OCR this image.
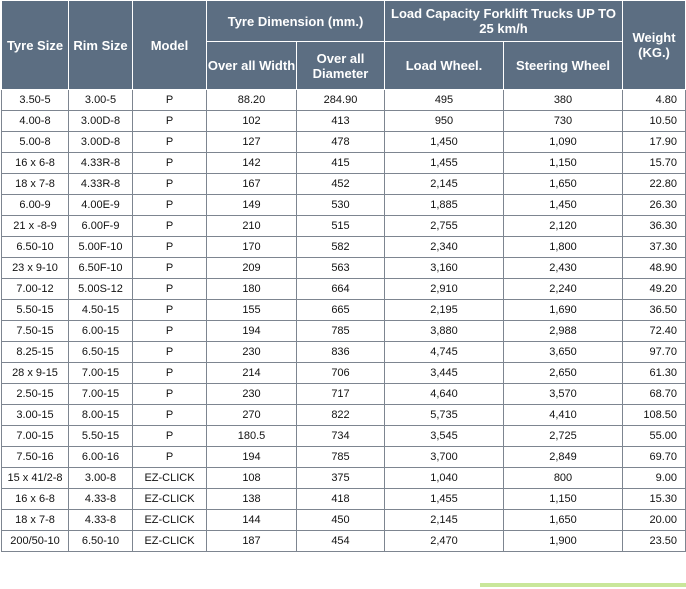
Tyre Size	Rim Size	Model	Tyre Dimension (mm.)		Load Capacity Forklift Trucks UP TO 25 km/h		Weight (KG.)
			Over all Width	Over all Diameter	Load Wheel.	Steering Wheel	
3.50-5	3.00-5	P	88.20	284.90	495	380	4.80
4.00-8	3.00D-8	P	102	413	950	730	10.50
5.00-8	3.00D-8	P	127	478	1,450	1,090	17.90
16 x 6-8	4.33R-8	P	142	415	1,455	1,150	15.70
18 x 7-8	4.33R-8	P	167	452	2,145	1,650	22.80
6.00-9	4.00E-9	P	149	530	1,885	1,450	26.30
21 x -8-9	6.00F-9	P	210	515	2,755	2,120	36.30
6.50-10	5.00F-10	P	170	582	2,340	1,800	37.30
23 x 9-10	6.50F-10	P	209	563	3,160	2,430	48.90
7.00-12	5.00S-12	P	180	664	2,910	2,240	49.20
5.50-15	4.50-15	P	155	665	2,195	1,690	36.50
7.50-15	6.00-15	P	194	785	3,880	2,988	72.40
8.25-15	6.50-15	P	230	836	4,745	3,650	97.70
28 x 9-15	7.00-15	P	214	706	3,445	2,650	61.30
2.50-15	7.00-15	P	230	717	4,640	3,570	68.70
3.00-15	8.00-15	P	270	822	5,735	4,410	108.50
7.00-15	5.50-15	P	180.5	734	3,545	2,725	55.00
7.50-16	6.00-16	P	194	785	3,700	2,849	69.70
15 x 41/2-8	3.00-8	EZ-CLICK	108	375	1,040	800	9.00
16 x 6-8	4.33-8	EZ-CLICK	138	418	1,455	1,150	15.30
18 x 7-8	4.33-8	EZ-CLICK	144	450	2,145	1,650	20.00
200/50-10	6.50-10	EZ-CLICK	187	454	2,470	1,900	23.50
